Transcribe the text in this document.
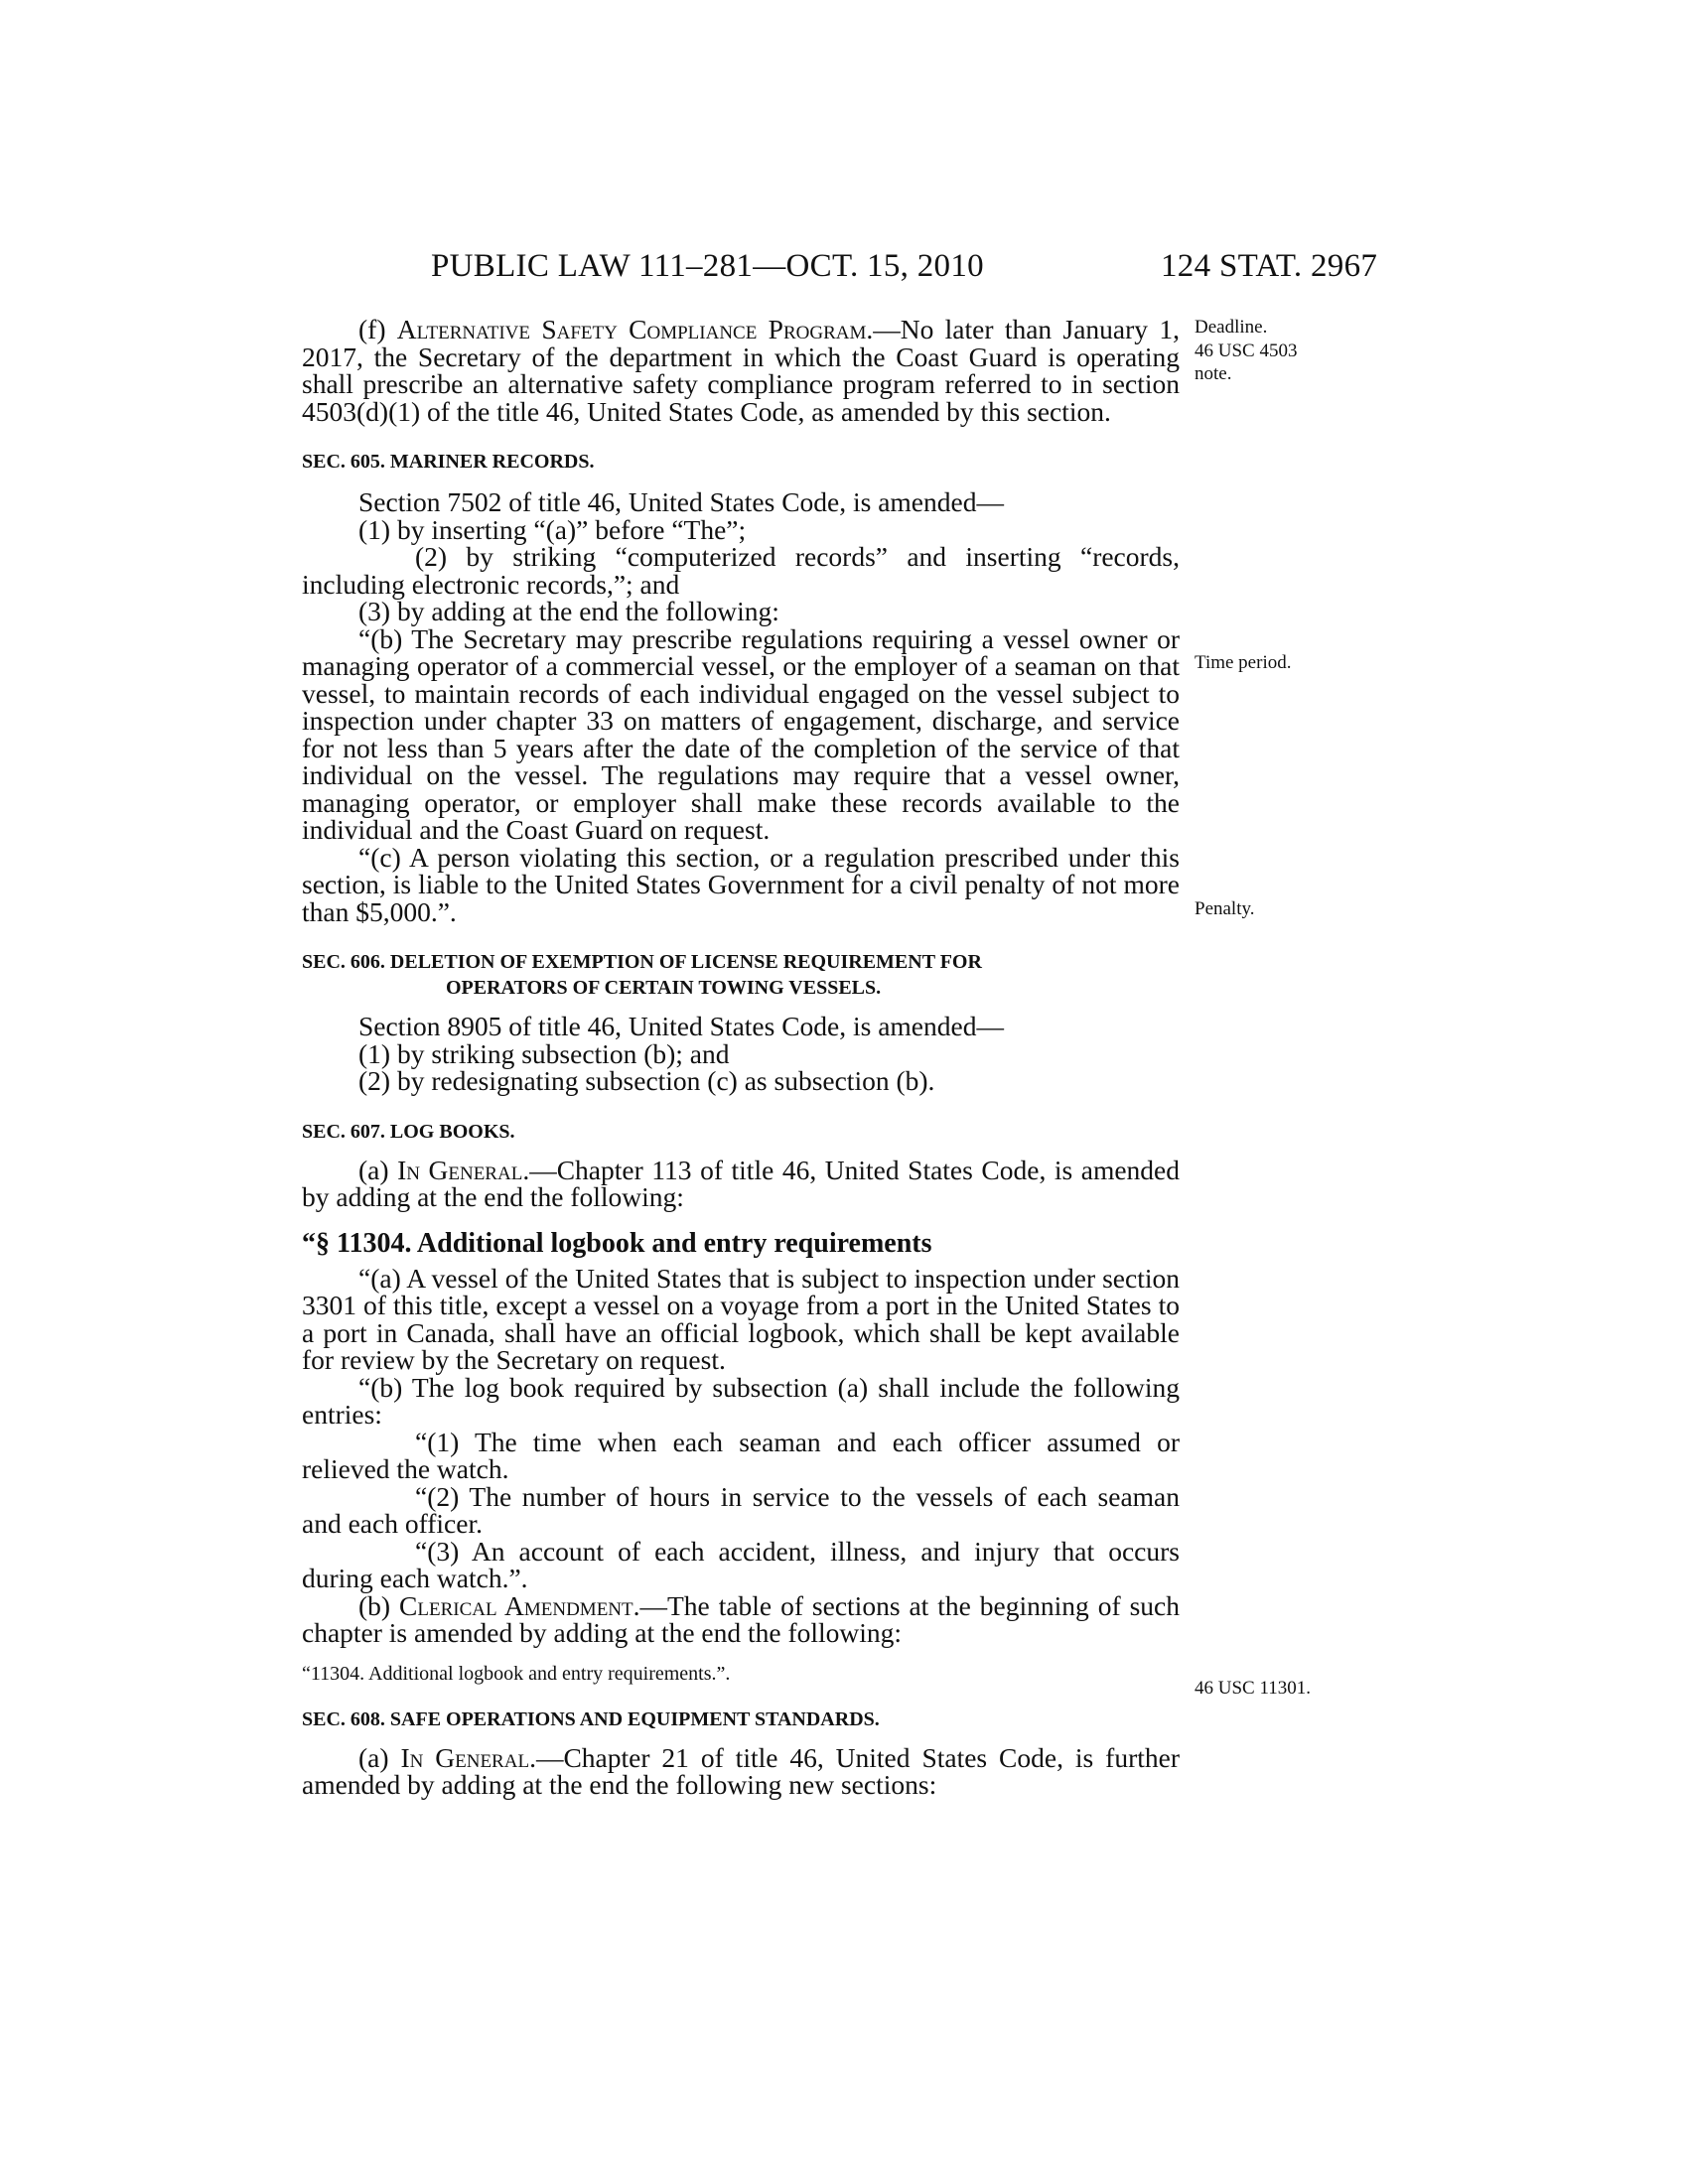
PUBLIC LAW 111–281—OCT. 15, 2010	124 STAT. 2967
Deadline.
46 USC 4503
note.
Time period.
Penalty.
46 USC 11301.

(f) Alternative Safety Compliance Program.—No later than January 1, 2017, the Secretary of the department in which the Coast Guard is operating shall prescribe an alternative safety compliance program referred to in section 4503(d)(1) of the title 46, United States Code, as amended by this section.

SEC. 605. MARINER RECORDS.

Section 7502 of title 46, United States Code, is amended—

(1) by inserting “(a)” before “The”;

(2) by striking “computerized records” and inserting “records, including electronic records,”; and

(3) by adding at the end the following:

“(b) The Secretary may prescribe regulations requiring a vessel owner or managing operator of a commercial vessel, or the employer of a seaman on that vessel, to maintain records of each individual engaged on the vessel subject to inspection under chapter 33 on matters of engagement, discharge, and service for not less than 5 years after the date of the completion of the service of that individual on the vessel. The regulations may require that a vessel owner, managing operator, or employer shall make these records available to the individual and the Coast Guard on request.

“(c) A person violating this section, or a regulation prescribed under this section, is liable to the United States Government for a civil penalty of not more than $5,000.”.

SEC. 606. DELETION OF EXEMPTION OF LICENSE REQUIREMENT FOR

OPERATORS OF CERTAIN TOWING VESSELS.

Section 8905 of title 46, United States Code, is amended—

(1) by striking subsection (b); and

(2) by redesignating subsection (c) as subsection (b).

SEC. 607. LOG BOOKS.

(a) In General.—Chapter 113 of title 46, United States Code, is amended by adding at the end the following:

“§ 11304. Additional logbook and entry requirements

“(a) A vessel of the United States that is subject to inspection under section 3301 of this title, except a vessel on a voyage from a port in the United States to a port in Canada, shall have an official logbook, which shall be kept available for review by the Secretary on request.

“(b) The log book required by subsection (a) shall include the following entries:

“(1) The time when each seaman and each officer assumed or relieved the watch.

“(2) The number of hours in service to the vessels of each seaman and each officer.

“(3) An account of each accident, illness, and injury that occurs during each watch.”.

(b) Clerical Amendment.—The table of sections at the beginning of such chapter is amended by adding at the end the following:

“11304. Additional logbook and entry requirements.”.

SEC. 608. SAFE OPERATIONS AND EQUIPMENT STANDARDS.

(a) In General.—Chapter 21 of title 46, United States Code, is further amended by adding at the end the following new sections:
